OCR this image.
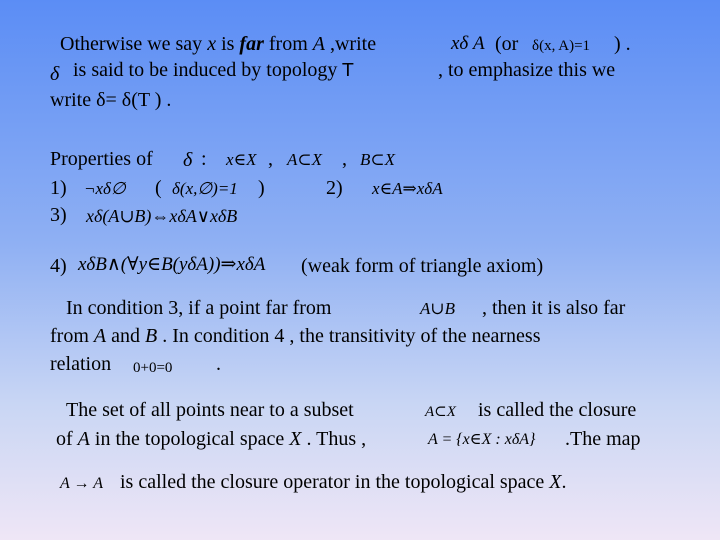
Otherwise we say x is far from A ,write	xδ A (or δ(x, A)=1 ) .
δ is said to be induced by topology T	, to emphasize this we
write δ= δ(T ) .
Properties of δ : x∈X , A⊂X , B⊂X
1) ¬xδ∅ ( δ(x,∅)=1 )	2) x∈A⇒xδA
3) xδ(A∪B)⇔xδA∨xδB
4) xδB∧(∀y∈B(yδA))⇒xδA (weak form of triangle axiom)
In condition 3, if a point far from	A∪B , then it is also far
from A and B . In condition 4 , the transitivity of the nearness
relation 0+0=0 .
The set of all points near to a subset	A⊂X is called the closure
of A in the topological space X . Thus ,	A = {x∈X : xδA} .The map
A → A is called the closure operator in the topological space X.
